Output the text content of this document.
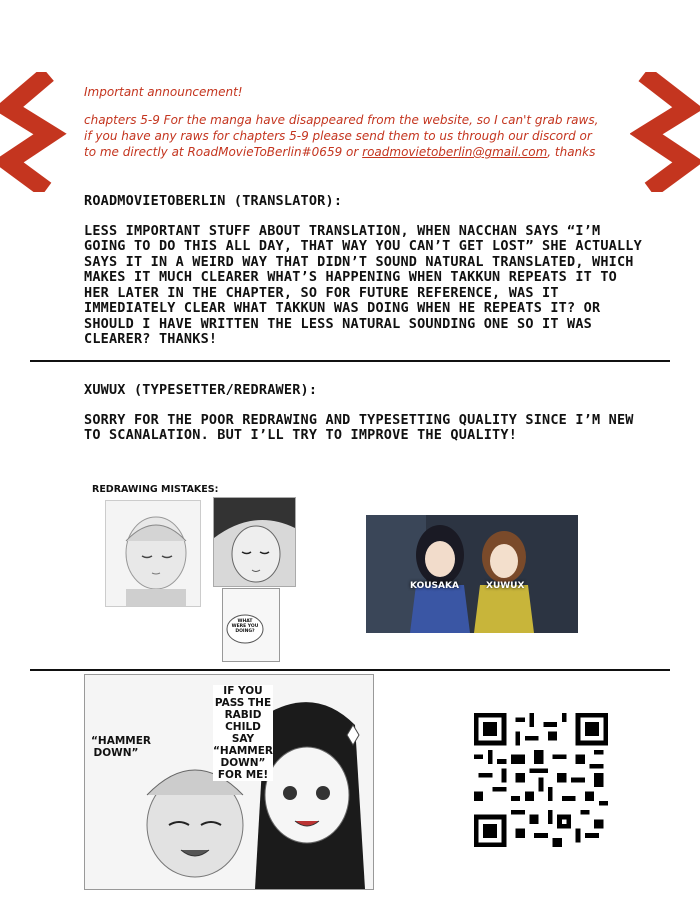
Important announcement!
chapters 5-9 For the manga have disappeared from the website, so I can't grab raws, if you have any raws for chapters 5-9 please send them to us through our discord or to me directly at RoadMovieToBerlin#0659 or roadmovietoberlin@gmail.com, thanks
ROADMOVIETOBERLIN (TRANSLATOR):
LESS IMPORTANT STUFF ABOUT TRANSLATION, WHEN NACCHAN SAYS “I’M GOING TO DO THIS ALL DAY, THAT WAY YOU CAN’T GET LOST” SHE ACTUALLY SAYS IT IN A WEIRD WAY THAT DIDN’T SOUND NATURAL TRANSLATED, WHICH MAKES IT MUCH CLEARER WHAT’S HAPPENING WHEN TAKKUN REPEATS IT TO HER LATER IN THE CHAPTER, SO FOR FUTURE REFERENCE, WAS IT IMMEDIATELY CLEAR WHAT TAKKUN WAS DOING WHEN HE REPEATS IT? OR SHOULD I HAVE WRITTEN THE LESS NATURAL SOUNDING ONE SO IT WAS CLEARER? THANKS!
XUWUX (TYPESETTER/REDRAWER):
SORRY FOR THE POOR REDRAWING AND TYPESETTING QUALITY SINCE I’M NEW TO SCANALATION. BUT I’LL TRY TO IMPROVE THE QUALITY!
REDRAWING MISTAKES:
WHAT WERE YOU DOING?
KOUSAKA	XUWUX
“HAMMER DOWN”
IF YOU PASS THE RABID CHILD SAY “HAMMER DOWN” FOR ME!
